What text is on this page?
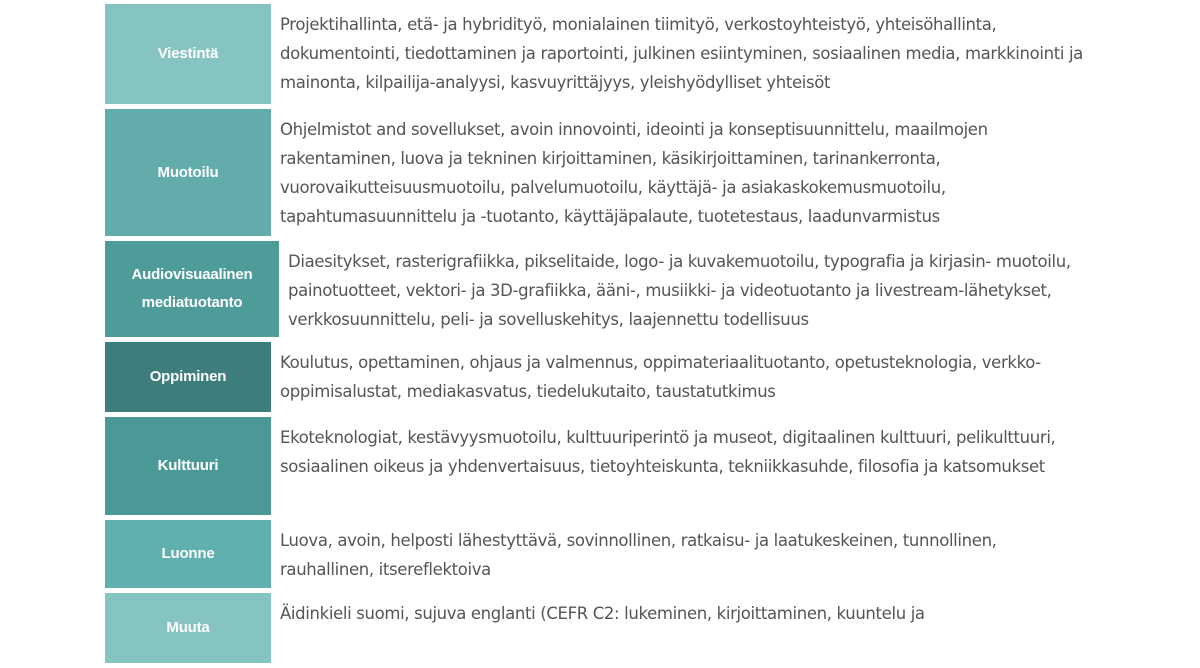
Viestintä
Projektihallinta, etä- ja hybridityö, monialainen tiimityö, verkostoyhteistyö, yhteisöhallinta, dokumentointi, tiedottaminen ja raportointi, julkinen esiintyminen, sosiaalinen media, markkinointi ja mainonta, kilpailija-analyysi, kasvuyrittäjyys, yleishyödylliset yhteisöt
Muotoilu
Ohjelmistot and sovellukset, avoin innovointi, ideointi ja konseptisuunnittelu, maailmojen rakentaminen, luova ja tekninen kirjoittaminen, käsikirjoittaminen, tarinankerronta, vuorovaikutteisuusmuotoilu, palvelumuotoilu, käyttäjä- ja asiakaskokemusmuotoilu, tapahtumasuunnittelu ja -tuotanto, käyttäjäpalaute, tuotetestaus, laadunvarmistus
Audiovisuaalinen mediatuotanto
Diaesitykset, rasterigrafiikka, pikselitaide, logo- ja kuvakemuotoilu, typografia ja kirjasin- muotoilu, painotuotteet, vektori- ja 3D-grafiikka, ääni-, musiikki- ja videotuotanto ja livestream-lähetykset, verkkosuunnittelu, peli- ja sovelluskehitys, laajennettu todellisuus
Oppiminen
Koulutus, opettaminen, ohjaus ja valmennus, oppimateriaalituotanto, opetusteknologia, verkko-oppimisalustat, mediakasvatus, tiedelukutaito, taustatutkimus
Kulttuuri
Ekoteknologiat, kestävyysmuotoilu, kulttuuriperintö ja museot, digitaalinen kulttuuri, pelikulttuuri, sosiaalinen oikeus ja yhdenvertaisuus, tietoyhteiskunta, tekniikkasuhde, filosofia ja katsomukset
Luonne
Luova, avoin, helposti lähestyttävä, sovinnollinen, ratkaisu- ja laatukeskeinen, tunnollinen, rauhallinen, itsereflektoiva
Muuta
Äidinkieli suomi, sujuva englanti (CEFR C2: lukeminen, kirjoittaminen, kuuntelu ja
